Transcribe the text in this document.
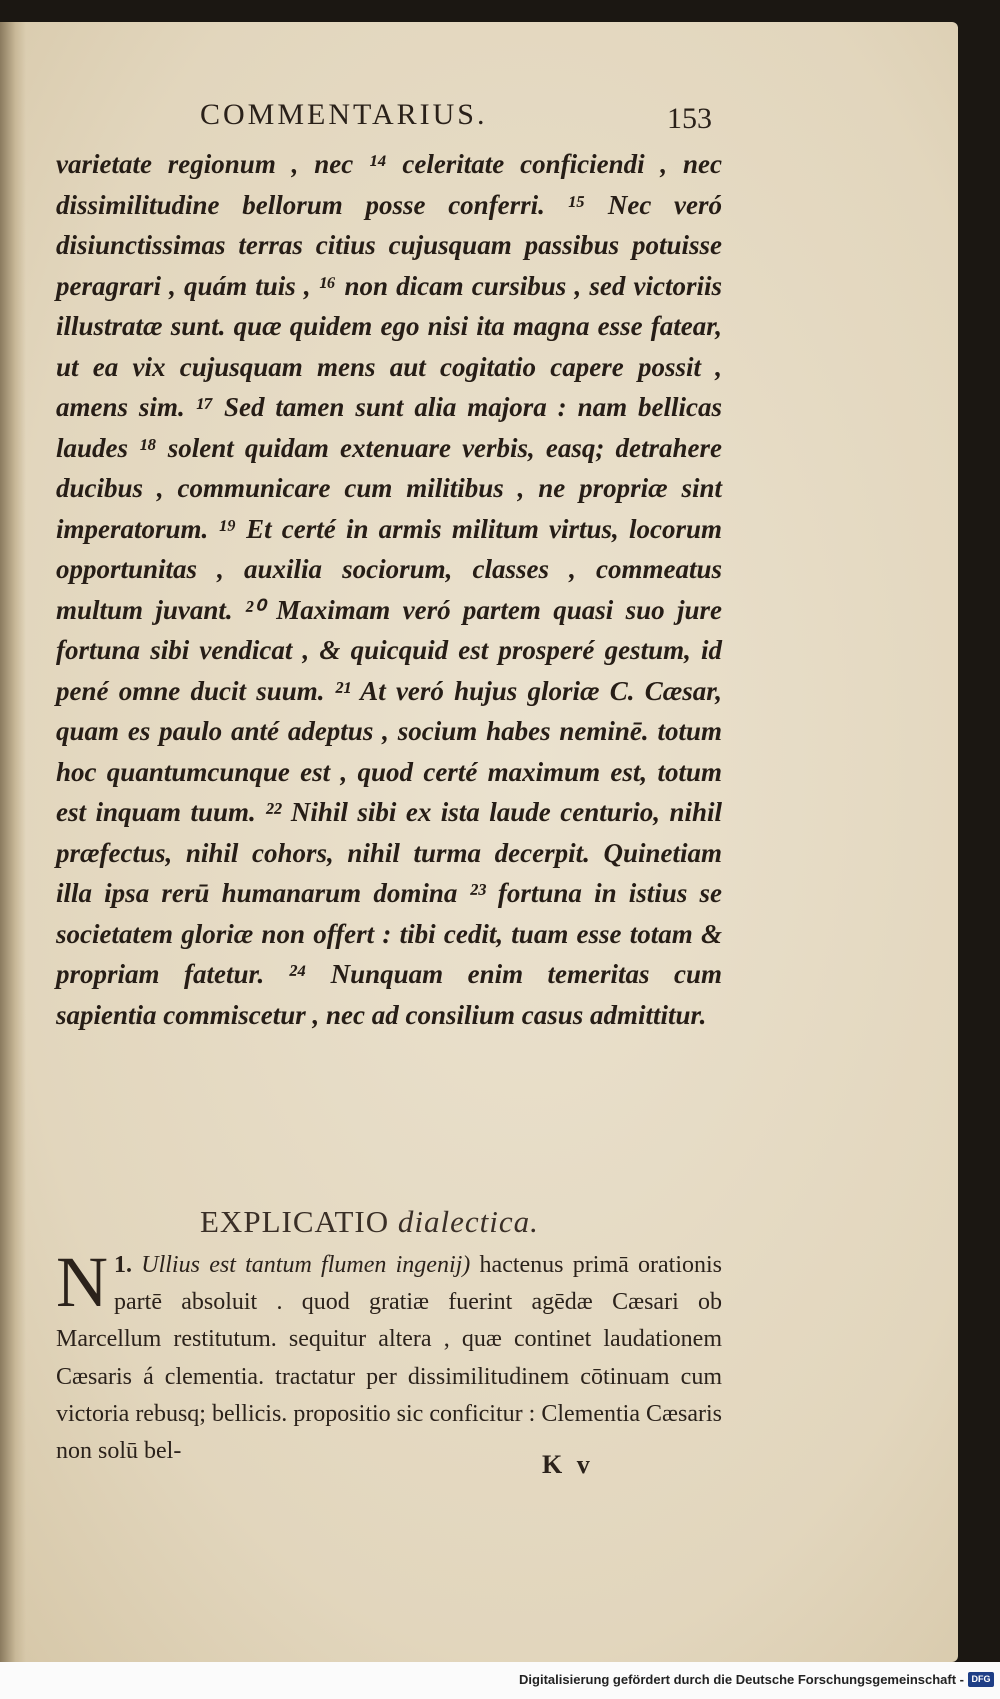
COMMENTARIUS.	153

varietate regionum , nec ¹⁴ celeritate conficiendi , nec dissimilitudine bellorum posse conferri. ¹⁵ Nec veró disiunctissimas terras citius cujusquam passibus potuisse peragrari , quám tuis , ¹⁶ non dicam cursibus , sed victoriis illustratæ sunt. quæ quidem ego nisi ita magna esse fatear, ut ea vix cujusquam mens aut cogitatio capere possit , amens sim. ¹⁷ Sed tamen sunt alia majora : nam bellicas laudes ¹⁸ solent quidam extenuare verbis, easq; detrahere ducibus , communicare cum militibus , ne propriæ sint imperatorum. ¹⁹ Et certé in armis militum virtus, locorum opportunitas , auxilia sociorum, classes , commeatus multum juvant. ²⁰ Maximam veró partem quasi suo jure fortuna sibi vendicat , & quicquid est prosperé gestum, id pené omne ducit suum. ²¹ At veró hujus gloriæ C. Cæsar, quam es paulo anté adeptus , socium habes neminē. totum hoc quantumcunque est , quod certé maximum est, totum est inquam tuum. ²² Nihil sibi ex ista laude centurio, nihil præfectus, nihil cohors, nihil turma decerpit. Quinetiam illa ipsa rerū humanarum domina ²³ fortuna in istius se societatem gloriæ non offert : tibi cedit, tuam esse totam & propriam fatetur. ²⁴ Nunquam enim temeritas cum sapientia commiscetur , nec ad consilium casus admittitur.

EXPLICATIO dialectica.

1.
N Ullius est tantum flumen ingenij) hactenus primā orationis partē absoluit . quod gratiæ fuerint agēdæ Cæsari ob Marcellum restitutum. sequitur altera , quæ continet laudationem Cæsaris á clementia. tractatur per dissimilitudinem cōtinuam cum victoria rebusq; bellicis. propositio sic conficitur : Clementia Cæsaris non solū bel-	K v
Digitalisierung gefördert durch die Deutsche Forschungsgemeinschaft - DFG
